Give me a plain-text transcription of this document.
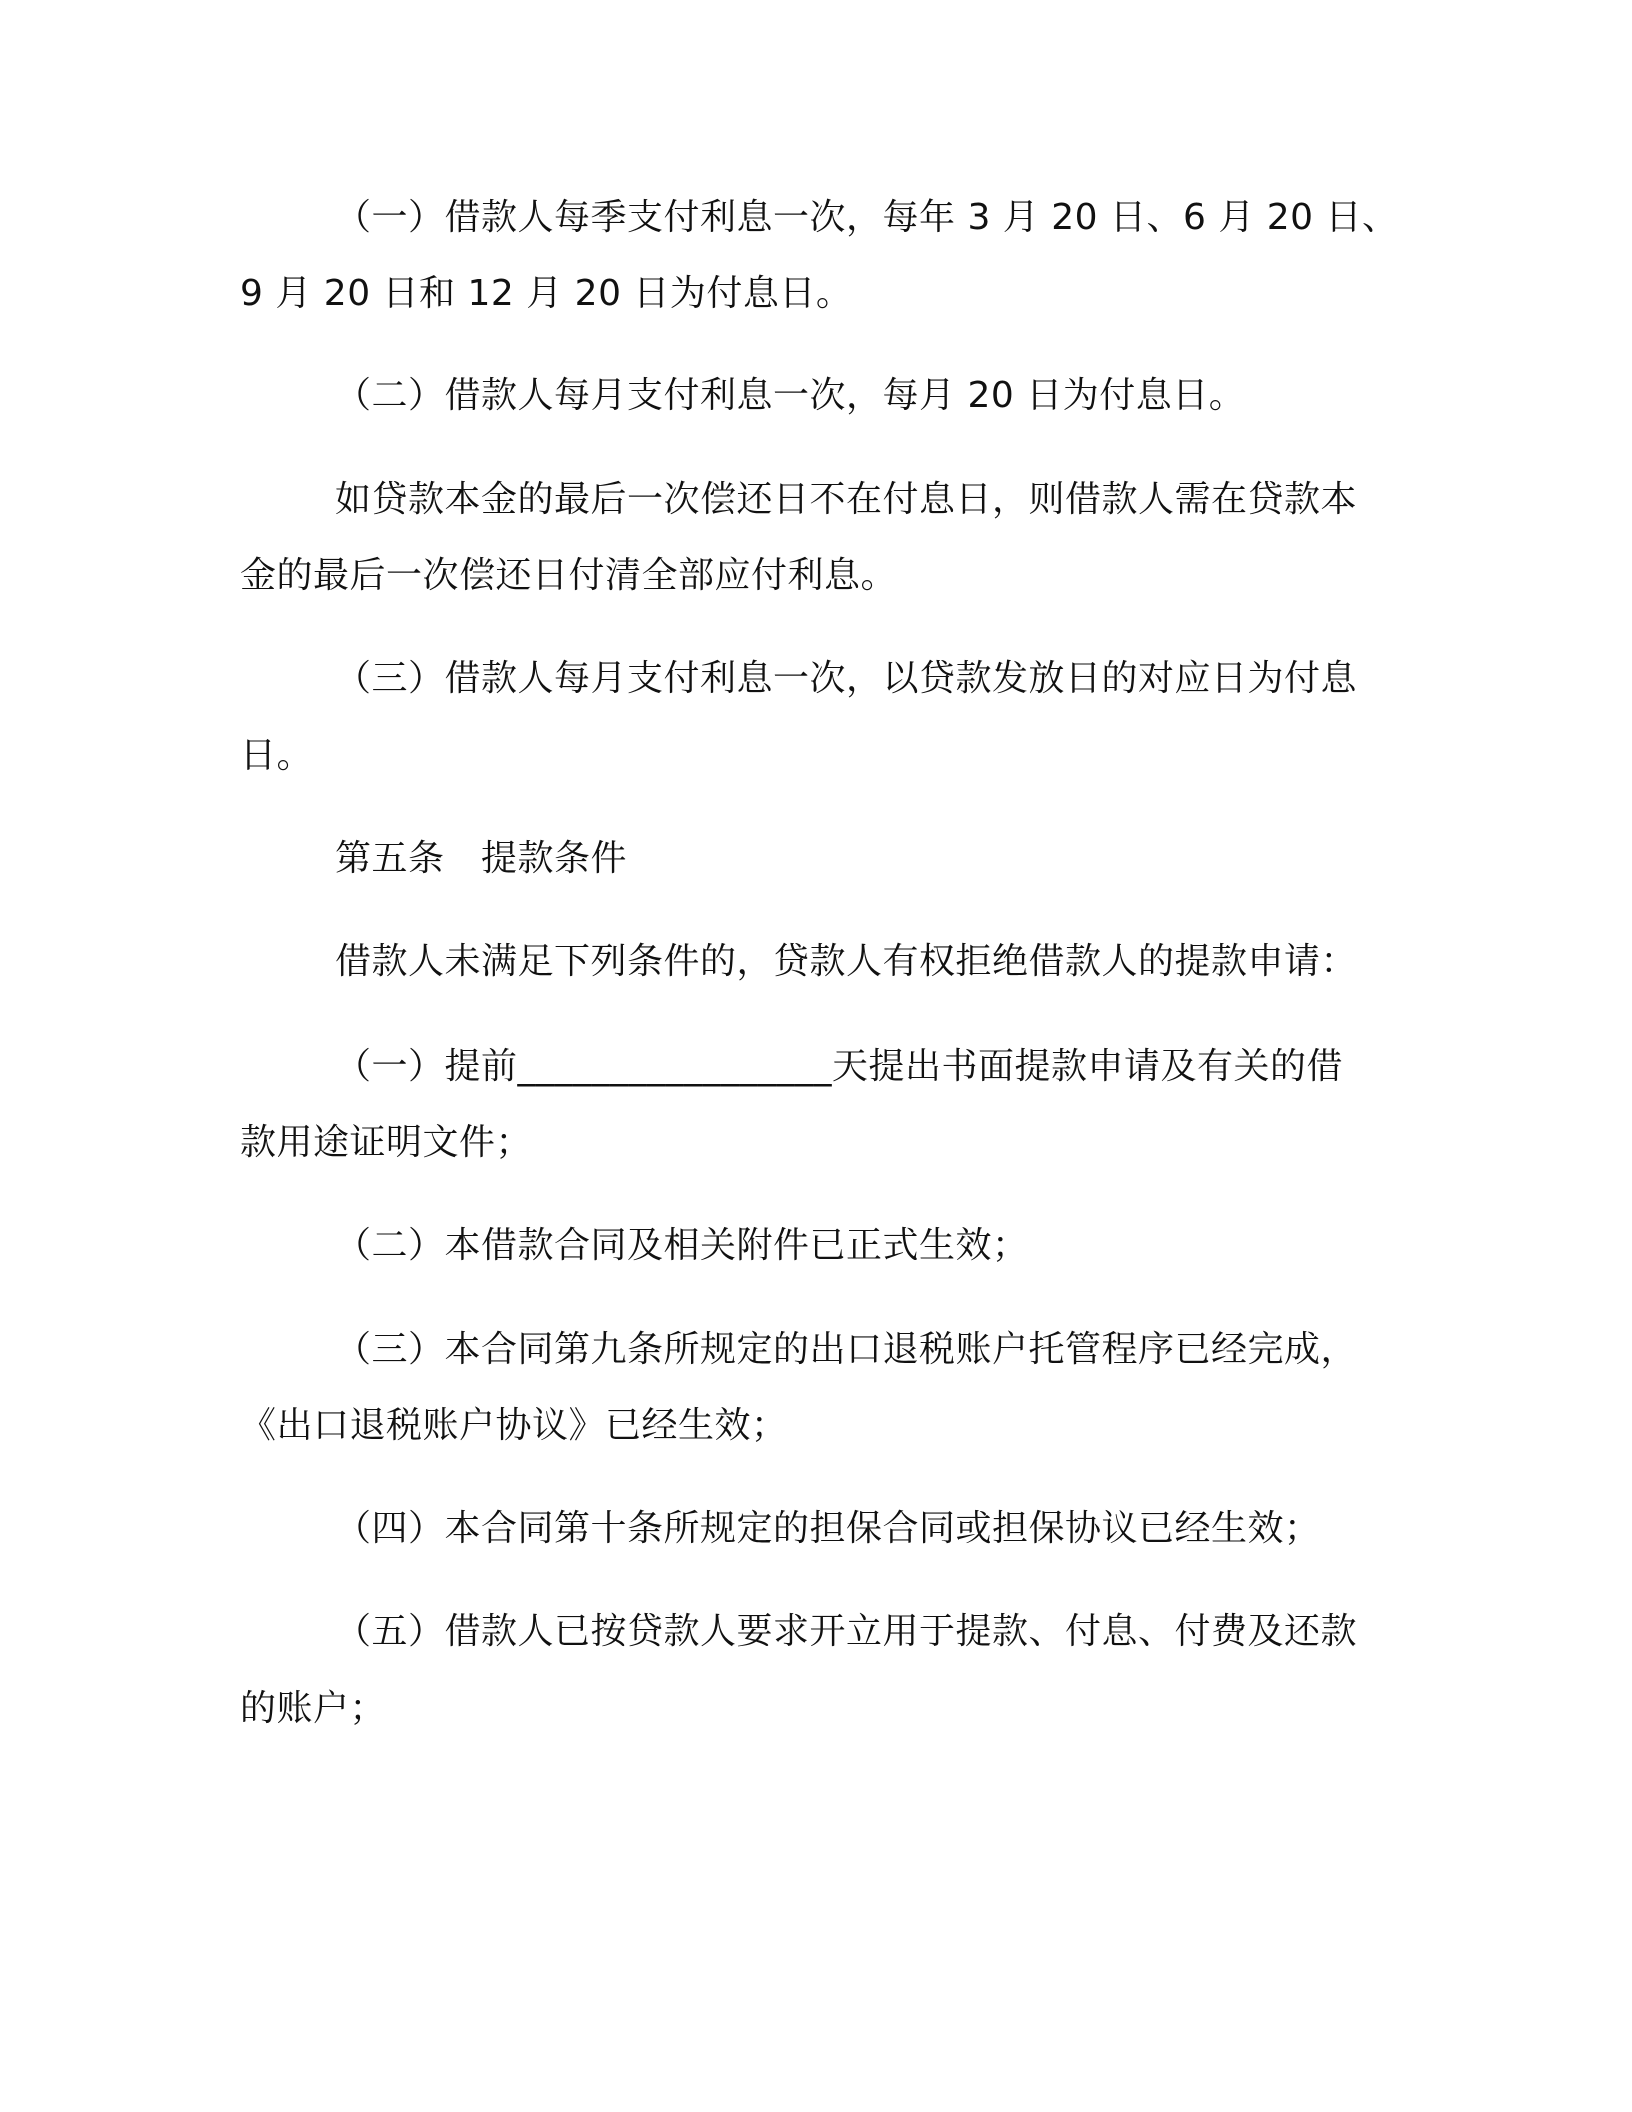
（一）借款人每季支付利息一次，每年 3 月 20 日、6 月 20 日、

9 月 20 日和 12 月 20 日为付息日。

（二）借款人每月支付利息一次，每月 20 日为付息日。

如贷款本金的最后一次偿还日不在付息日，则借款人需在贷款本

金的最后一次偿还日付清全部应付利息。

（三）借款人每月支付利息一次，以贷款发放日的对应日为付息

日。

第五条　提款条件

借款人未满足下列条件的，贷款人有权拒绝借款人的提款申请：

（一）提前_________________天提出书面提款申请及有关的借

款用途证明文件；

（二）本借款合同及相关附件已正式生效；

（三）本合同第九条所规定的出口退税账户托管程序已经完成，

《出口退税账户协议》已经生效；

（四）本合同第十条所规定的担保合同或担保协议已经生效；

（五）借款人已按贷款人要求开立用于提款、付息、付费及还款

的账户；
